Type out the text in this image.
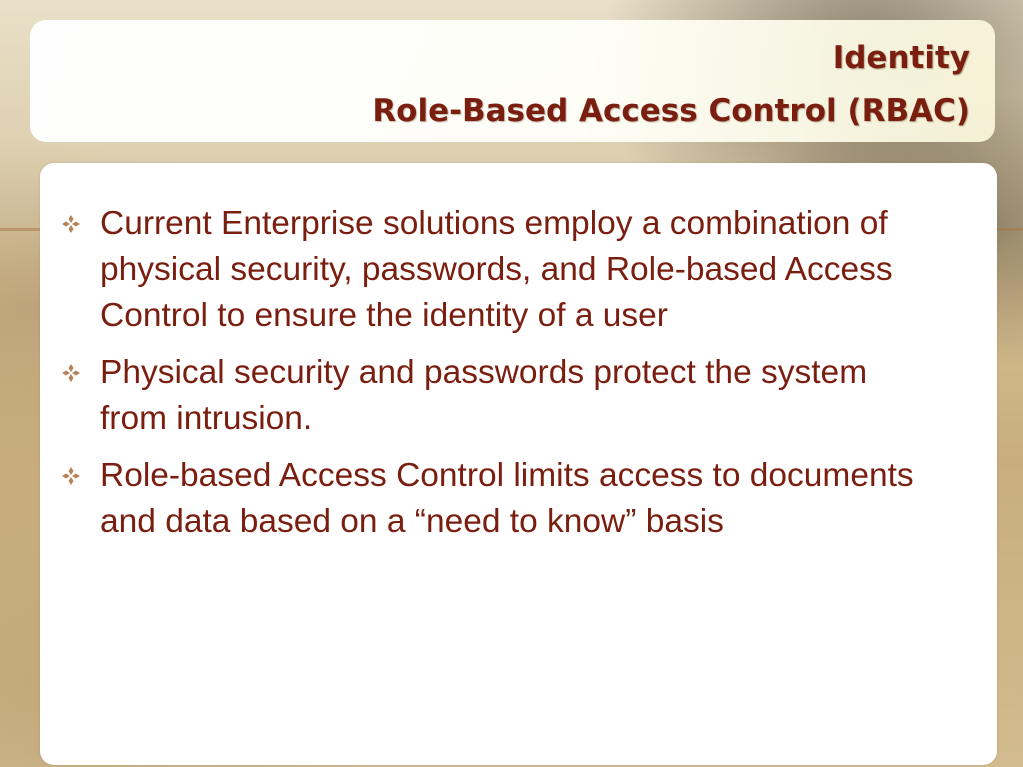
Identity
Role-Based Access Control (RBAC)
Current Enterprise solutions employ a combination of physical security, passwords, and Role-based Access Control to ensure the identity of a user
Physical security and passwords protect the system from intrusion.
Role-based Access Control limits access to documents and data based on a “need to know” basis
